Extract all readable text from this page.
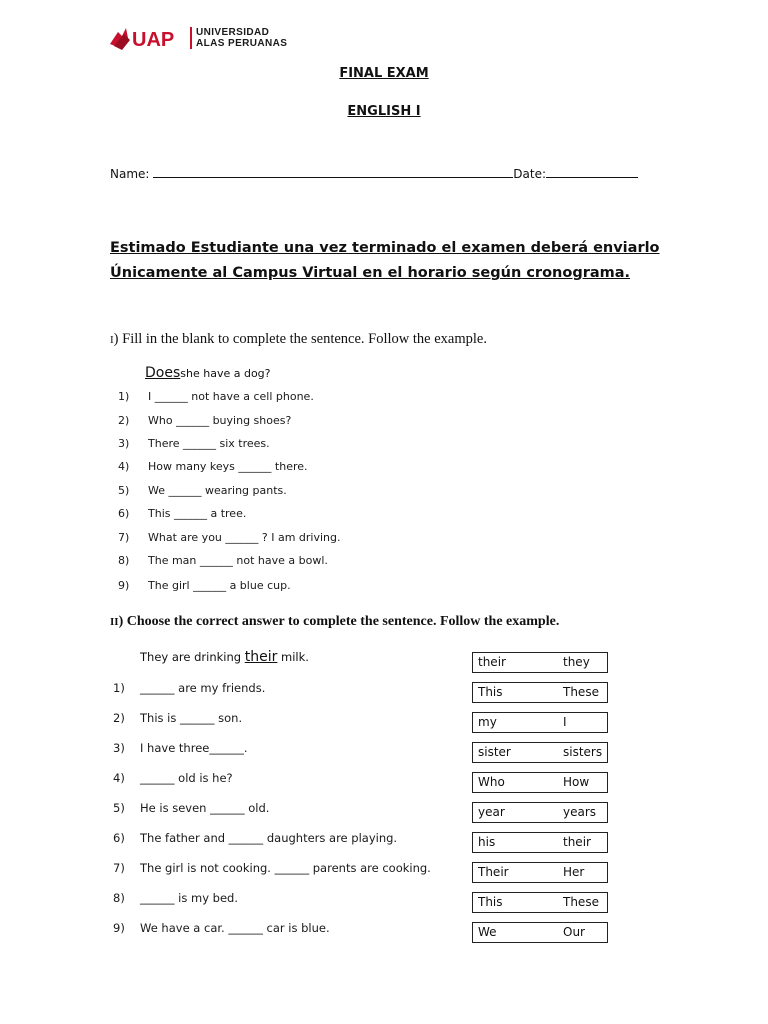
UAP UNIVERSIDAD
ALAS PERUANAS
FINAL EXAM
ENGLISH I
Name:	Date:
Estimado Estudiante una vez terminado el examen deberá enviarlo Únicamente al Campus Virtual en el horario según cronograma.
I) Fill in the blank to complete the sentence. Follow the example.
Doesshe have a dog?
1) I ______ not have a cell phone.
2) Who ______ buying shoes?
3) There ______ six trees.
4) How many keys ______ there.
5) We ______ wearing pants.
6) This ______ a tree.
7) What are you ______ ? I am driving.
8) The man ______ not have a bowl.
9) The girl ______ a blue cup.
II) Choose the correct answer to complete the sentence. Follow the example.
They are drinking their milk.	their	they
1) ______ are my friends.	This	These
2) This is ______ son.	my	I
3) I have three______.	sister	sisters
4) ______ old is he?	Who	How
5) He is seven ______ old.	year	years
6) The father and ______ daughters are playing.	his	their
7) The girl is not cooking. ______ parents are cooking.	Their	Her
8) ______ is my bed.	This	These
9) We have a car. ______ car is blue.	We	Our
